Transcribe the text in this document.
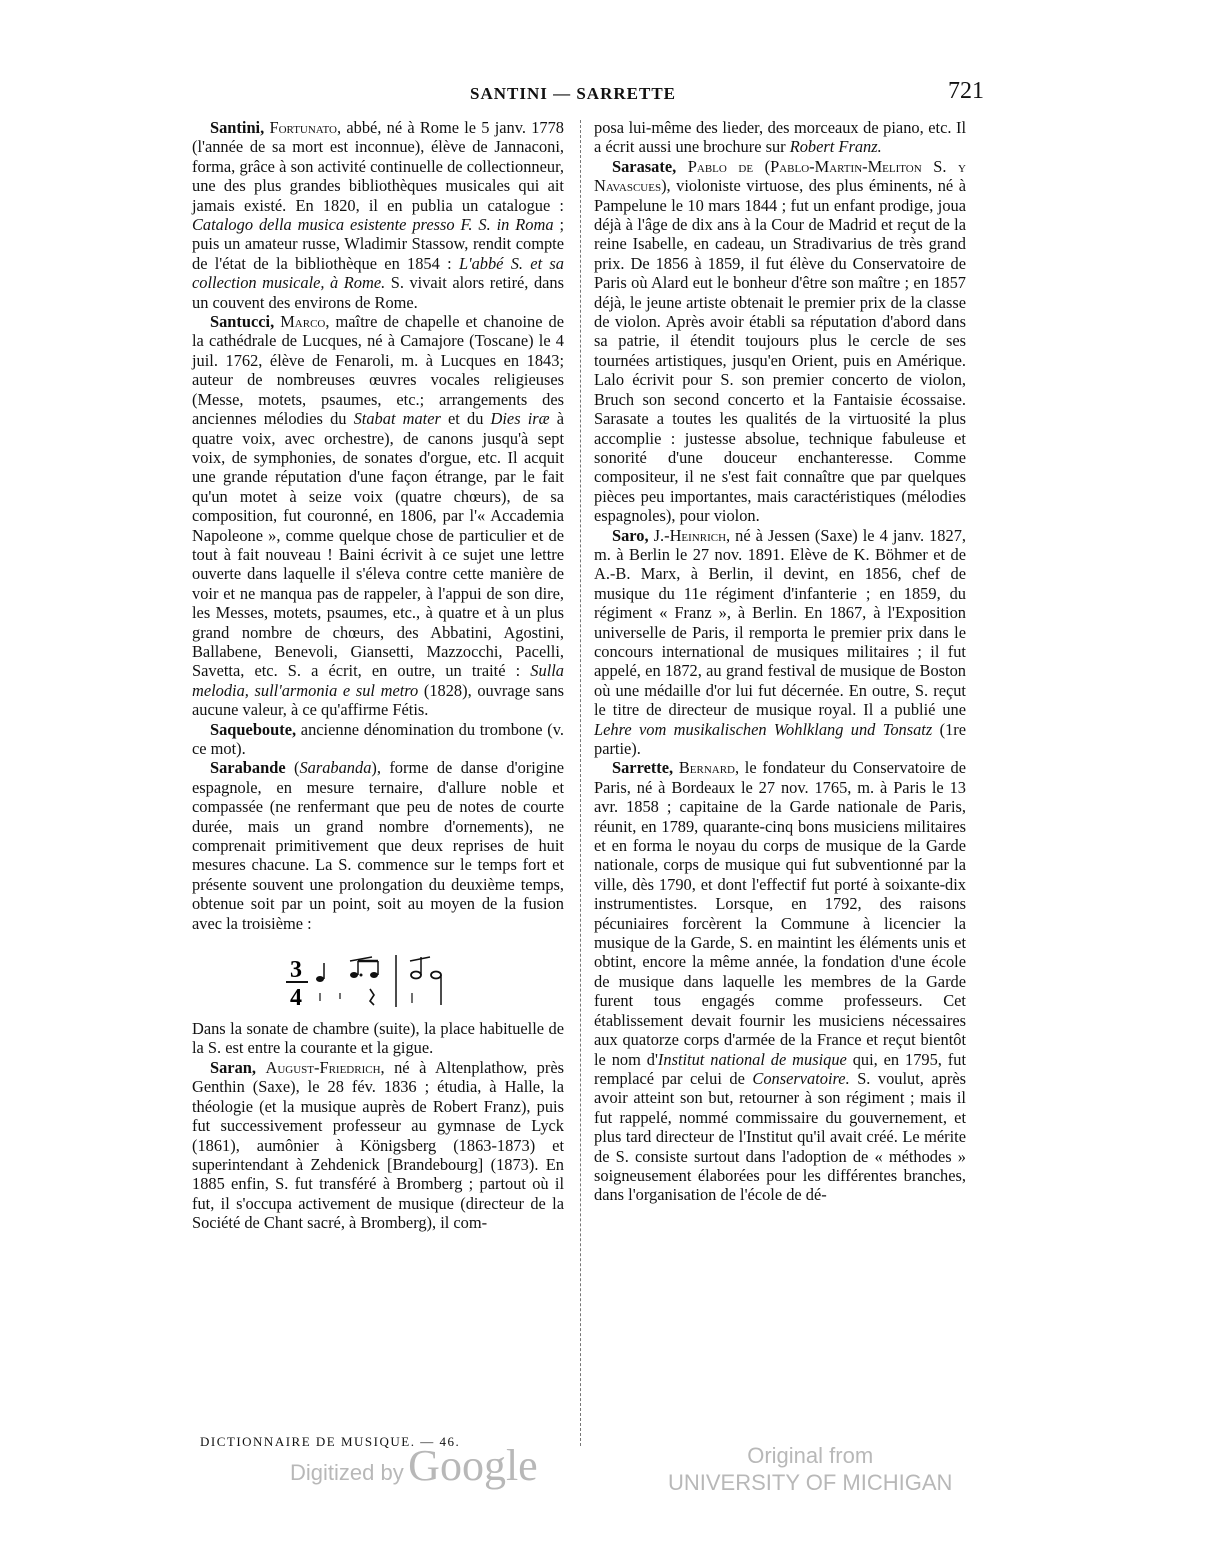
SANTINI — SARRETTE	721

Santini, Fortunato, abbé, né à Rome le 5 janv. 1778 (l'année de sa mort est inconnue), élève de Jannaconi, forma, grâce à son activité continuelle de collectionneur, une des plus grandes bibliothèques musicales qui ait jamais existé. En 1820, il en publia un catalogue : Catalogo della musica esistente presso F. S. in Roma ; puis un amateur russe, Wladimir Stassow, rendit compte de l'état de la bibliothèque en 1854 : L'abbé S. et sa collection musicale, à Rome. S. vivait alors retiré, dans un couvent des environs de Rome.

Santucci, Marco, maître de chapelle et chanoine de la cathédrale de Lucques, né à Camajore (Toscane) le 4 juil. 1762, élève de Fenaroli, m. à Lucques en 1843; auteur de nombreuses œuvres vocales religieuses (Messe, motets, psaumes, etc.; arrangements des anciennes mélodies du Stabat mater et du Dies iræ à quatre voix, avec orchestre), de canons jusqu'à sept voix, de symphonies, de sonates d'orgue, etc. Il acquit une grande réputation d'une façon étrange, par le fait qu'un motet à seize voix (quatre chœurs), de sa composition, fut couronné, en 1806, par l'« Accademia Napoleone », comme quelque chose de particulier et de tout à fait nouveau ! Baini écrivit à ce sujet une lettre ouverte dans laquelle il s'éleva contre cette manière de voir et ne manqua pas de rappeler, à l'appui de son dire, les Messes, motets, psaumes, etc., à quatre et à un plus grand nombre de chœurs, des Abbatini, Agostini, Ballabene, Benevoli, Giansetti, Mazzocchi, Pacelli, Savetta, etc. S. a écrit, en outre, un traité : Sulla melodia, sull'armonia e sul metro (1828), ouvrage sans aucune valeur, à ce qu'affirme Fétis.

Saqueboute, ancienne dénomination du trombone (v. ce mot).

Sarabande (Sarabanda), forme de danse d'origine espagnole, en mesure ternaire, d'allure noble et compassée (ne renfermant que peu de notes de courte durée, mais un grand nombre d'ornements), ne comprenait primitivement que deux reprises de huit mesures chacune. La S. commence sur le temps fort et présente souvent une prolongation du deuxième temps, obtenue soit par un point, soit au moyen de la fusion avec la troisième :

3
4

Dans la sonate de chambre (suite), la place habituelle de la S. est entre la courante et la gigue.

Saran, August-Friedrich, né à Altenplathow, près Genthin (Saxe), le 28 fév. 1836 ; étudia, à Halle, la théologie (et la musique auprès de Robert Franz), puis fut successivement professeur au gymnase de Lyck (1861), aumônier à Königsberg (1863-1873) et superintendant à Zehdenick [Brandebourg] (1873). En 1885 enfin, S. fut transféré à Bromberg ; partout où il fut, il s'occupa activement de musique (directeur de la Société de Chant sacré, à Bromberg), il com-

posa lui-même des lieder, des morceaux de piano, etc. Il a écrit aussi une brochure sur Robert Franz.

Sarasate, Pablo de (Pablo-Martin-Meliton S. y Navascues), violoniste virtuose, des plus éminents, né à Pampelune le 10 mars 1844 ; fut un enfant prodige, joua déjà à l'âge de dix ans à la Cour de Madrid et reçut de la reine Isabelle, en cadeau, un Stradivarius de très grand prix. De 1856 à 1859, il fut élève du Conservatoire de Paris où Alard eut le bonheur d'être son maître ; en 1857 déjà, le jeune artiste obtenait le premier prix de la classe de violon. Après avoir établi sa réputation d'abord dans sa patrie, il étendit toujours plus le cercle de ses tournées artistiques, jusqu'en Orient, puis en Amérique. Lalo écrivit pour S. son premier concerto de violon, Bruch son second concerto et la Fantaisie écossaise. Sarasate a toutes les qualités de la virtuosité la plus accomplie : justesse absolue, technique fabuleuse et sonorité d'une douceur enchanteresse. Comme compositeur, il ne s'est fait connaître que par quelques pièces peu importantes, mais caractéristiques (mélodies espagnoles), pour violon.

Saro, J.-Heinrich, né à Jessen (Saxe) le 4 janv. 1827, m. à Berlin le 27 nov. 1891. Elève de K. Böhmer et de A.-B. Marx, à Berlin, il devint, en 1856, chef de musique du 11e régiment d'infanterie ; en 1859, du régiment « Franz », à Berlin. En 1867, à l'Exposition universelle de Paris, il remporta le premier prix dans le concours international de musiques militaires ; il fut appelé, en 1872, au grand festival de musique de Boston où une médaille d'or lui fut décernée. En outre, S. reçut le titre de directeur de musique royal. Il a publié une Lehre vom musikalischen Wohlklang und Tonsatz (1re partie).

Sarrette, Bernard, le fondateur du Conservatoire de Paris, né à Bordeaux le 27 nov. 1765, m. à Paris le 13 avr. 1858 ; capitaine de la Garde nationale de Paris, réunit, en 1789, quarante-cinq bons musiciens militaires et en forma le noyau du corps de musique de la Garde nationale, corps de musique qui fut subventionné par la ville, dès 1790, et dont l'effectif fut porté à soixante-dix instrumentistes. Lorsque, en 1792, des raisons pécuniaires forcèrent la Commune à licencier la musique de la Garde, S. en maintint les éléments unis et obtint, encore la même année, la fondation d'une école de musique dans laquelle les membres de la Garde furent tous engagés comme professeurs. Cet établissement devait fournir les musiciens nécessaires aux quatorze corps d'armée de la France et reçut bientôt le nom d'Institut national de musique qui, en 1795, fut remplacé par celui de Conservatoire. S. voulut, après avoir atteint son but, retourner à son régiment ; mais il fut rappelé, nommé commissaire du gouvernement, et plus tard directeur de l'Institut qu'il avait créé. Le mérite de S. consiste surtout dans l'adoption de « méthodes » soigneusement élaborées pour les différentes branches, dans l'organisation de l'école de dé-

DICTIONNAIRE DE MUSIQUE. — 46.
Digitized by Google	Original from
UNIVERSITY OF MICHIGAN
